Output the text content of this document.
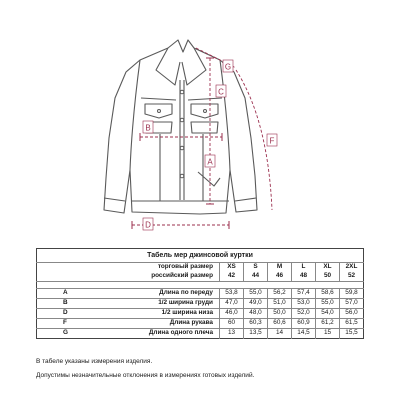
B
A
D
G
F
C
Табель мер джинсовой куртки							
торговый размер		XS	S	M	L	XL	2XL
российский размер		42	44	46	48	50	52

A	Длина по переду	53,8	55,0	56,2	57,4	58,6	59,8
B	1/2 ширина груди	47,0	49,0	51,0	53,0	55,0	57,0
D	1/2 ширина низа	46,0	48,0	50,0	52,0	54,0	56,0
F	Длина рукава	60	60,3	60,6	60,9	61,2	61,5
G	Длина одного плеча	13	13,5	14	14,5	15	15,5

В табеле указаны измерения изделия.

Допустимы незначительные отклонения в измерениях готовых изделий.
